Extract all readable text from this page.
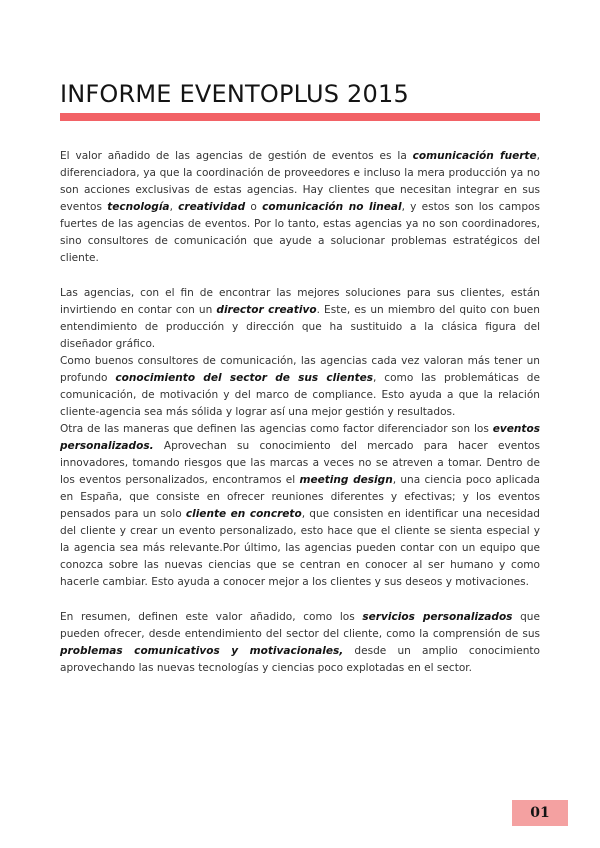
INFORME EVENTOPLUS 2015

El valor añadido de las agencias de gestión de eventos es la comunicación fuerte, diferenciadora, ya que la coordinación de proveedores e incluso la mera producción ya no son acciones exclusivas de estas agencias. Hay clientes que necesitan integrar en sus eventos tecnología, creatividad o comunicación no lineal, y estos son los campos fuertes de las agencias de eventos. Por lo tanto, estas agencias ya no son coordinadores, sino consultores de comunicación que ayude a solucionar problemas estratégicos del cliente.

Las agencias, con el fin de encontrar las mejores soluciones para sus clientes, están invirtiendo en contar con un director creativo. Este, es un miembro del quito con buen entendimiento de producción y dirección que ha sustituido a la clásica figura del diseñador gráfico.

Como buenos consultores de comunicación, las agencias cada vez valoran más tener un profundo conocimiento del sector de sus clientes, como las problemáticas de comunicación, de motivación y del marco de compliance. Esto ayuda a que la relación cliente-agencia sea más sólida y lograr así una mejor gestión y resultados.

Otra de las maneras que definen las agencias como factor diferenciador son los eventos personalizados. Aprovechan su conocimiento del mercado para hacer eventos innovadores, tomando riesgos que las marcas a veces no se atreven a tomar. Dentro de los eventos personalizados, encontramos el meeting design, una ciencia poco aplicada en España, que consiste en ofrecer reuniones diferentes y efectivas; y los eventos pensados para un solo cliente en concreto, que consisten en identificar una necesidad del cliente y crear un evento personalizado, esto hace que el cliente se sienta especial y la agencia sea más relevante.Por último, las agencias pueden contar con un equipo que conozca sobre las nuevas ciencias que se centran en conocer al ser humano y como hacerle cambiar. Esto ayuda a conocer mejor a los clientes y sus deseos y motivaciones.

En resumen, definen este valor añadido, como los servicios personalizados que pueden ofrecer, desde entendimiento del sector del cliente, como la comprensión de sus problemas comunicativos y motivacionales, desde un amplio conocimiento aprovechando las nuevas tecnologías y ciencias poco explotadas en el sector.

01
